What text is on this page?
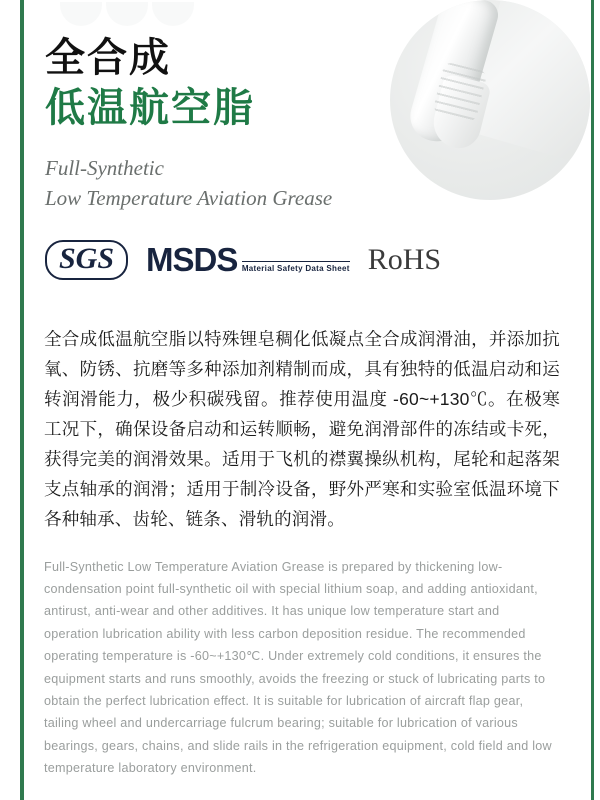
全合成
低温航空脂
Full-Synthetic
Low Temperature Aviation Grease
SGS MSDS Material Safety Data Sheet RoHS

全合成低温航空脂以特殊锂皂稠化低凝点全合成润滑油，并添加抗氧、防锈、抗磨等多种添加剂精制而成，具有独特的低温启动和运转润滑能力，极少积碳残留。推荐使用温度 -60~+130℃。在极寒工况下，确保设备启动和运转顺畅，避免润滑部件的冻结或卡死，获得完美的润滑效果。适用于飞机的襟翼操纵机构，尾轮和起落架支点轴承的润滑；适用于制冷设备，野外严寒和实验室低温环境下各种轴承、齿轮、链条、滑轨的润滑。

Full-Synthetic Low Temperature Aviation Grease is prepared by thickening low-condensation point full-synthetic oil with special lithium soap, and adding antioxidant, antirust, anti-wear and other additives. It has unique low temperature start and operation lubrication ability with less carbon deposition residue. The recommended operating temperature is -60~+130℃. Under extremely cold conditions, it ensures the equipment starts and runs smoothly, avoids the freezing or stuck of lubricating parts to obtain the perfect lubrication effect. It is suitable for lubrication of aircraft flap gear, tailing wheel and undercarriage fulcrum bearing; suitable for lubrication of various bearings, gears, chains, and slide rails in the refrigeration equipment, cold field and low temperature laboratory environment.
